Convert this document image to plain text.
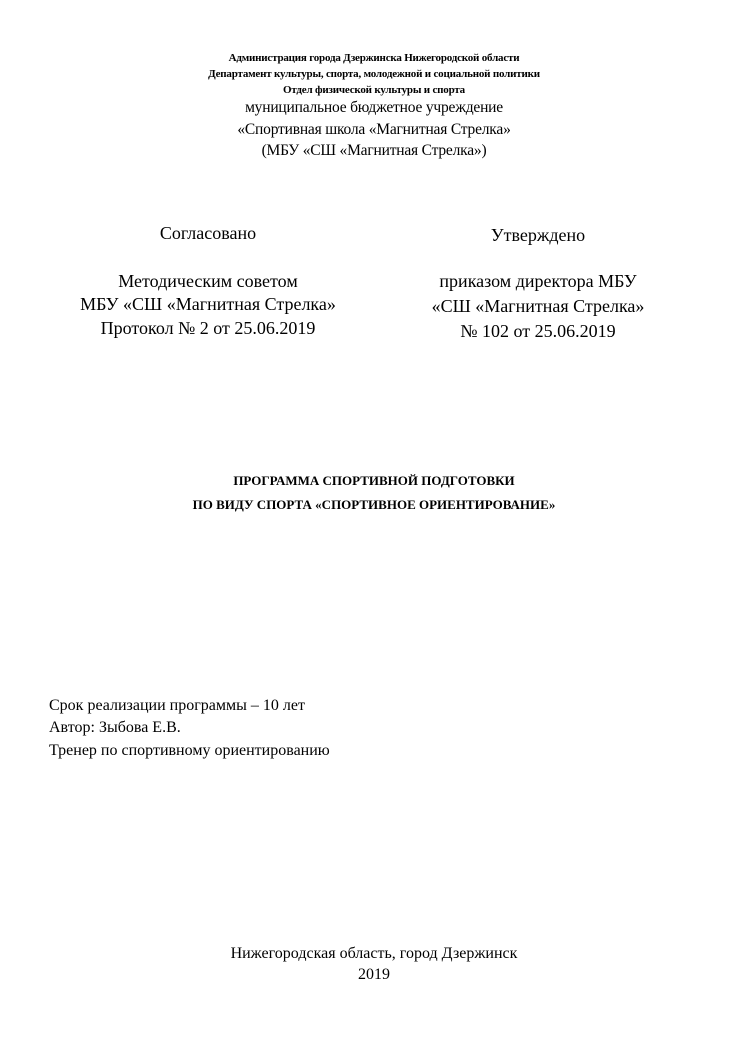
Администрация города Дзержинска Нижегородской области
Департамент культуры, спорта, молодежной и социальной политики
Отдел физической культуры и спорта
муниципальное бюджетное учреждение
«Спортивная школа «Магнитная Стрелка»
(МБУ «СШ «Магнитная Стрелка»)
Согласовано
Методическим советом
МБУ «СШ «Магнитная Стрелка»
Протокол № 2 от 25.06.2019
Утверждено
приказом директора МБУ
«СШ «Магнитная Стрелка»
№ 102 от 25.06.2019
ПРОГРАММА СПОРТИВНОЙ ПОДГОТОВКИ
ПО ВИДУ СПОРТА «СПОРТИВНОЕ ОРИЕНТИРОВАНИЕ»
Срок реализации программы – 10 лет
Автор: Зыбова Е.В.
Тренер по спортивному ориентированию
Нижегородская область, город Дзержинск
2019
